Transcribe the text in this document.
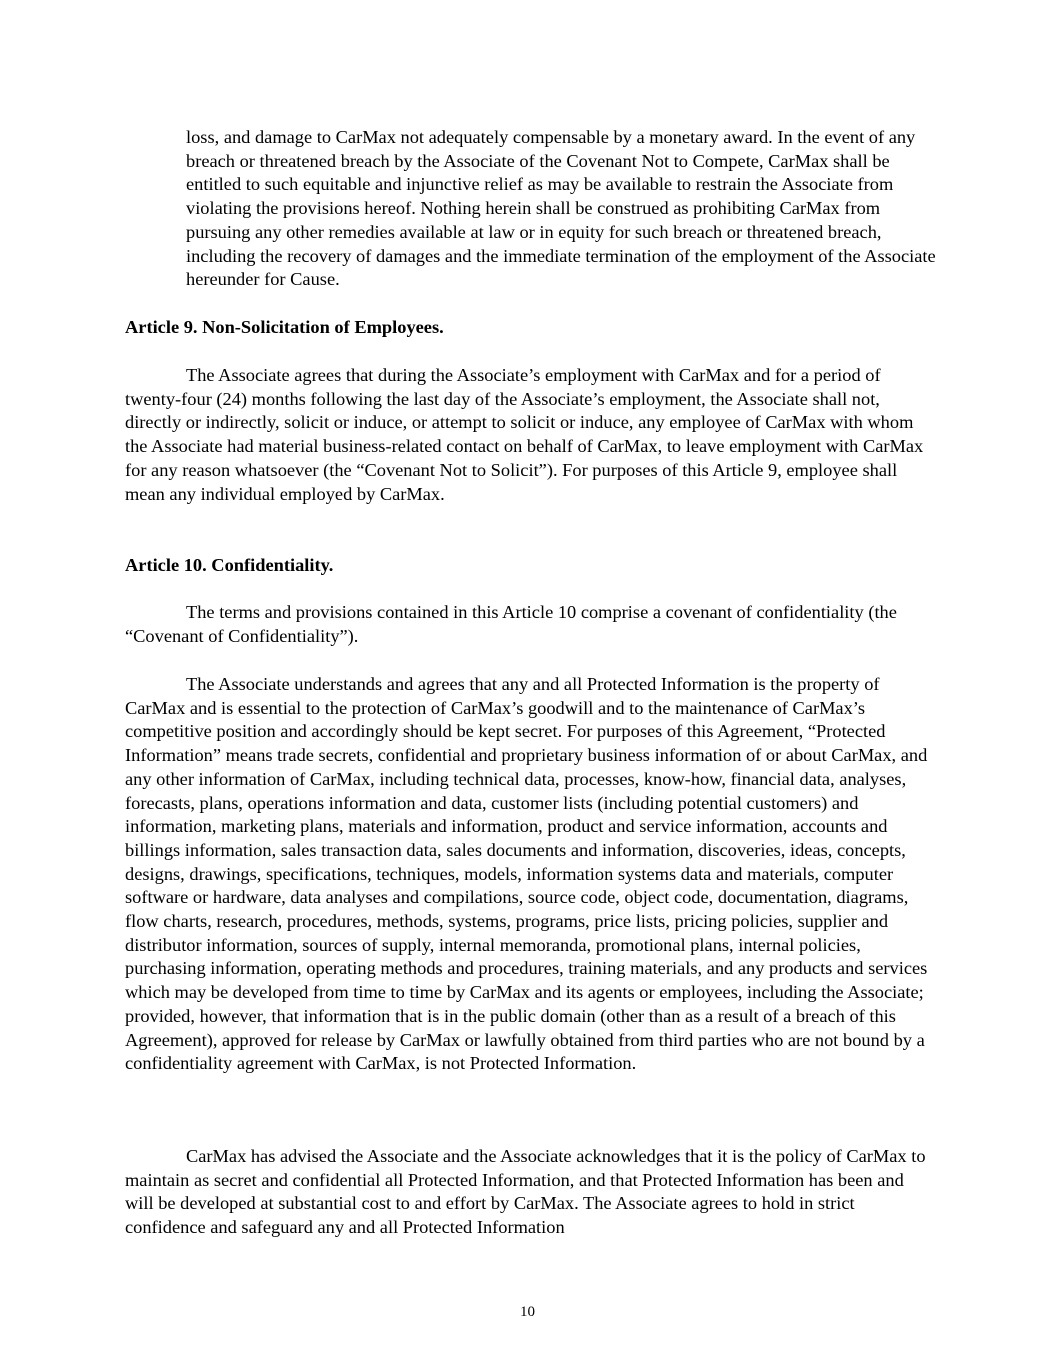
loss, and damage to CarMax not adequately compensable by a monetary award. In the event of any breach or threatened breach by the Associate of the Covenant Not to Compete, CarMax shall be entitled to such equitable and injunctive relief as may be available to restrain the Associate from violating the provisions hereof. Nothing herein shall be construed as prohibiting CarMax from pursuing any other remedies available at law or in equity for such breach or threatened breach, including the recovery of damages and the immediate termination of the employment of the Associate hereunder for Cause.

Article 9. Non-Solicitation of Employees.

The Associate agrees that during the Associate’s employment with CarMax and for a period of twenty-four (24) months following the last day of the Associate’s employment, the Associate shall not, directly or indirectly, solicit or induce, or attempt to solicit or induce, any employee of CarMax with whom the Associate had material business-related contact on behalf of CarMax, to leave employment with CarMax for any reason whatsoever (the “Covenant Not to Solicit”). For purposes of this Article 9, employee shall mean any individual employed by CarMax.

Article 10. Confidentiality.

The terms and provisions contained in this Article 10 comprise a covenant of confidentiality (the “Covenant of Confidentiality”).

The Associate understands and agrees that any and all Protected Information is the property of CarMax and is essential to the protection of CarMax’s goodwill and to the maintenance of CarMax’s competitive position and accordingly should be kept secret. For purposes of this Agreement, “Protected Information” means trade secrets, confidential and proprietary business information of or about CarMax, and any other information of CarMax, including technical data, processes, know-how, financial data, analyses, forecasts, plans, operations information and data, customer lists (including potential customers) and information, marketing plans, materials and information, product and service information, accounts and billings information, sales transaction data, sales documents and information, discoveries, ideas, concepts, designs, drawings, specifications, techniques, models, information systems data and materials, computer software or hardware, data analyses and compilations, source code, object code, documentation, diagrams, flow charts, research, procedures, methods, systems, programs, price lists, pricing policies, supplier and distributor information, sources of supply, internal memoranda, promotional plans, internal policies, purchasing information, operating methods and procedures, training materials, and any products and services which may be developed from time to time by CarMax and its agents or employees, including the Associate; provided, however, that information that is in the public domain (other than as a result of a breach of this Agreement), approved for release by CarMax or lawfully obtained from third parties who are not bound by a confidentiality agreement with CarMax, is not Protected Information.

CarMax has advised the Associate and the Associate acknowledges that it is the policy of CarMax to maintain as secret and confidential all Protected Information, and that Protected Information has been and will be developed at substantial cost to and effort by CarMax. The Associate agrees to hold in strict confidence and safeguard any and all Protected Information

10
